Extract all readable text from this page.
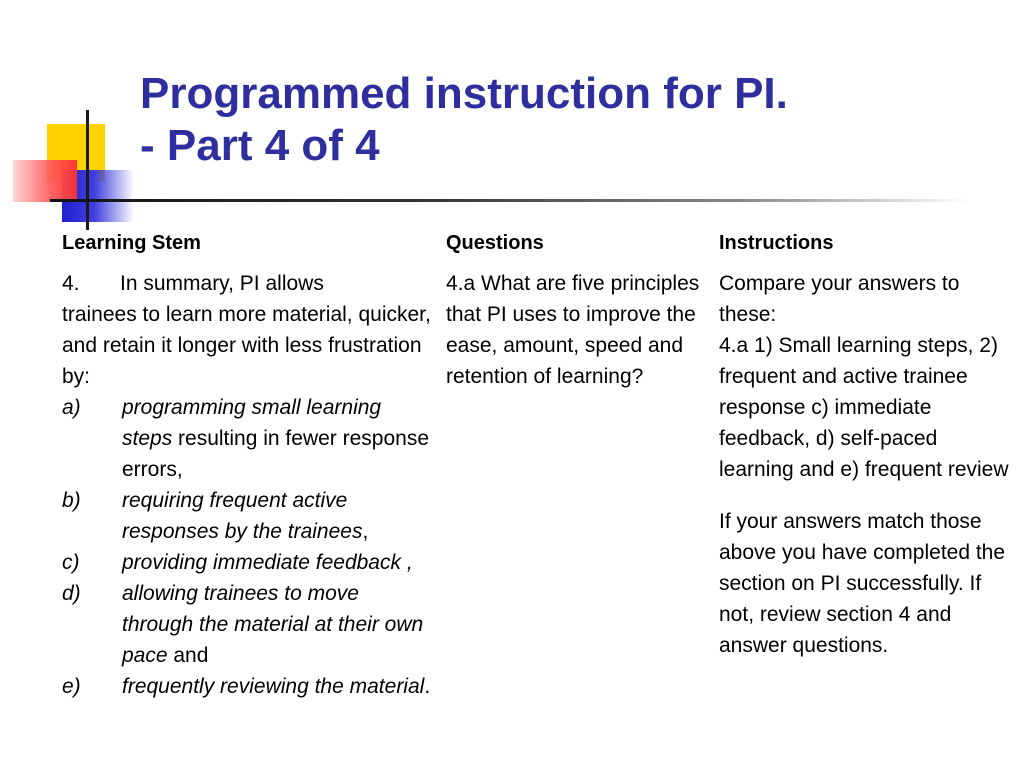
Programmed instruction for PI.
- Part 4 of 4
Learning Stem
4. In summary, PI allows

trainees to learn more material, quicker, and retain it longer with less frustration by:

a) programming small learning steps resulting in fewer response errors,
b) requiring frequent active responses by the trainees,
c) providing immediate feedback ,
d) allowing trainees to move through the material at their own pace and
e) frequently reviewing the material.
Questions

4.a What are five principles that PI uses to improve the ease, amount, speed and retention of learning?

Instructions

Compare your answers to these:

4.a 1) Small learning steps, 2) frequent and active trainee response c) immediate feedback, d) self-paced learning and e) frequent review

If your answers match those above you have completed the section on PI successfully. If not, review section 4 and answer questions.
